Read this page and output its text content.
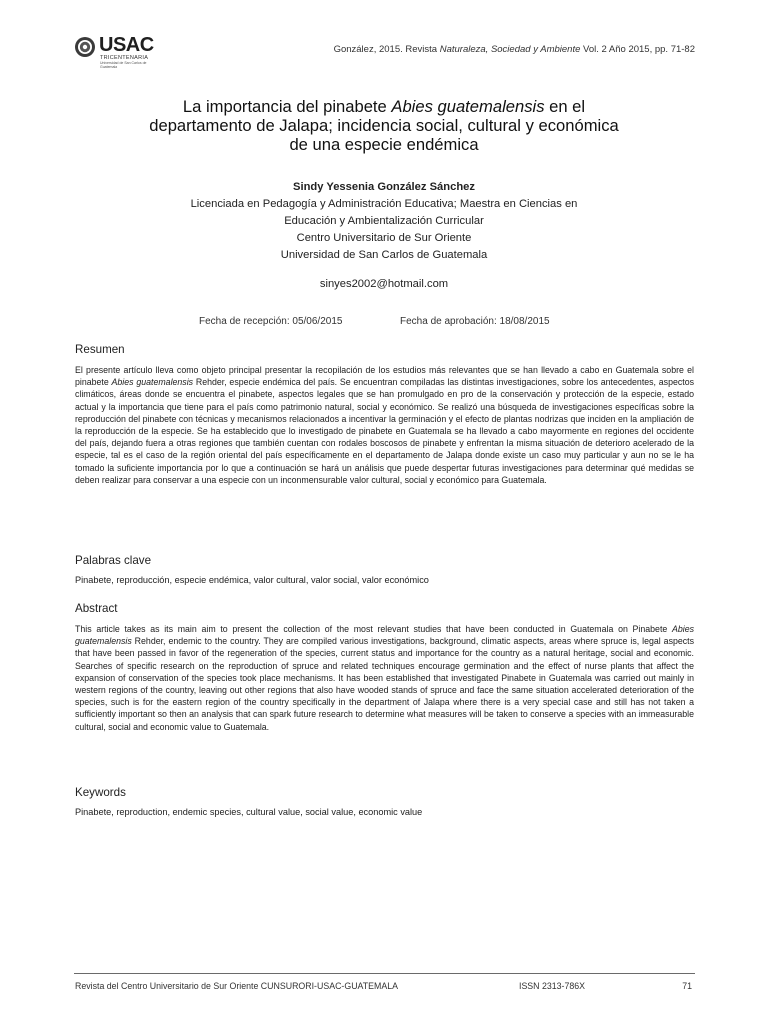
USAC
TRICENTENARIA
Universidad de San Carlos de Guatemala
González, 2015. Revista Naturaleza, Sociedad y Ambiente Vol. 2 Año 2015, pp. 71-82
La importancia del pinabete Abies guatemalensis en el
departamento de Jalapa; incidencia social, cultural y económica
de una especie endémica
Sindy Yessenia González Sánchez
Licenciada en Pedagogía y Administración Educativa; Maestra en Ciencias en
Educación y Ambientalización Curricular
Centro Universitario de Sur Oriente
Universidad de San Carlos de Guatemala
sinyes2002@hotmail.com
Fecha de recepción: 05/06/2015	Fecha de aprobación: 18/08/2015
Resumen
El presente artículo lleva como objeto principal presentar la recopilación de los estudios más relevantes que se han llevado a cabo en Guatemala sobre el pinabete Abies guatemalensis Rehder, especie endémica del país. Se encuentran compiladas las distintas investigaciones, sobre los antecedentes, aspectos climáticos, áreas donde se encuentra el pinabete, aspectos legales que se han promulgado en pro de la conservación y protección de la especie, estado actual y la importancia que tiene para el país como patrimonio natural, social y económico. Se realizó una búsqueda de investigaciones específicas sobre la reproducción del pinabete con técnicas y mecanismos relacionados a incentivar la germinación y el efecto de plantas nodrizas que inciden en la ampliación de la reproducción de la especie. Se ha establecido que lo investigado de pinabete en Guatemala se ha llevado a cabo mayormente en regiones del occidente del país, dejando fuera a otras regiones que también cuentan con rodales boscosos de pinabete y enfrentan la misma situación de deterioro acelerado de la especie, tal es el caso de la región oriental del país específicamente en el departamento de Jalapa donde existe un caso muy particular y aun no se le ha tomado la suficiente importancia por lo que a continuación se hará un análisis que puede despertar futuras investigaciones para determinar qué medidas se deben realizar para conservar a una especie con un inconmensurable valor cultural, social y económico para Guatemala.
Palabras clave
Pinabete, reproducción, especie endémica, valor cultural, valor social, valor económico
Abstract
This article takes as its main aim to present the collection of the most relevant studies that have been conducted in Guatemala on Pinabete Abies guatemalensis Rehder, endemic to the country. They are compiled various investigations, background, climatic aspects, areas where spruce is, legal aspects that have been passed in favor of the regeneration of the species, current status and importance for the country as a natural heritage, social and economic. Searches of specific research on the reproduction of spruce and related techniques encourage germination and the effect of nurse plants that affect the expansion of conservation of the species took place mechanisms. It has been established that investigated Pinabete in Guatemala was carried out mainly in western regions of the country, leaving out other regions that also have wooded stands of spruce and face the same situation accelerated deterioration of the species, such is for the eastern region of the country specifically in the department of Jalapa where there is a very special case and still has not taken a sufficiently important so then an analysis that can spark future research to determine what measures will be taken to conserve a species with an immeasurable cultural, social and economic value to Guatemala.
Keywords
Pinabete, reproduction, endemic species, cultural value, social value, economic value
Revista del Centro Universitario de Sur Oriente CUNSURORI-USAC-GUATEMALA	ISSN 2313-786X	71
